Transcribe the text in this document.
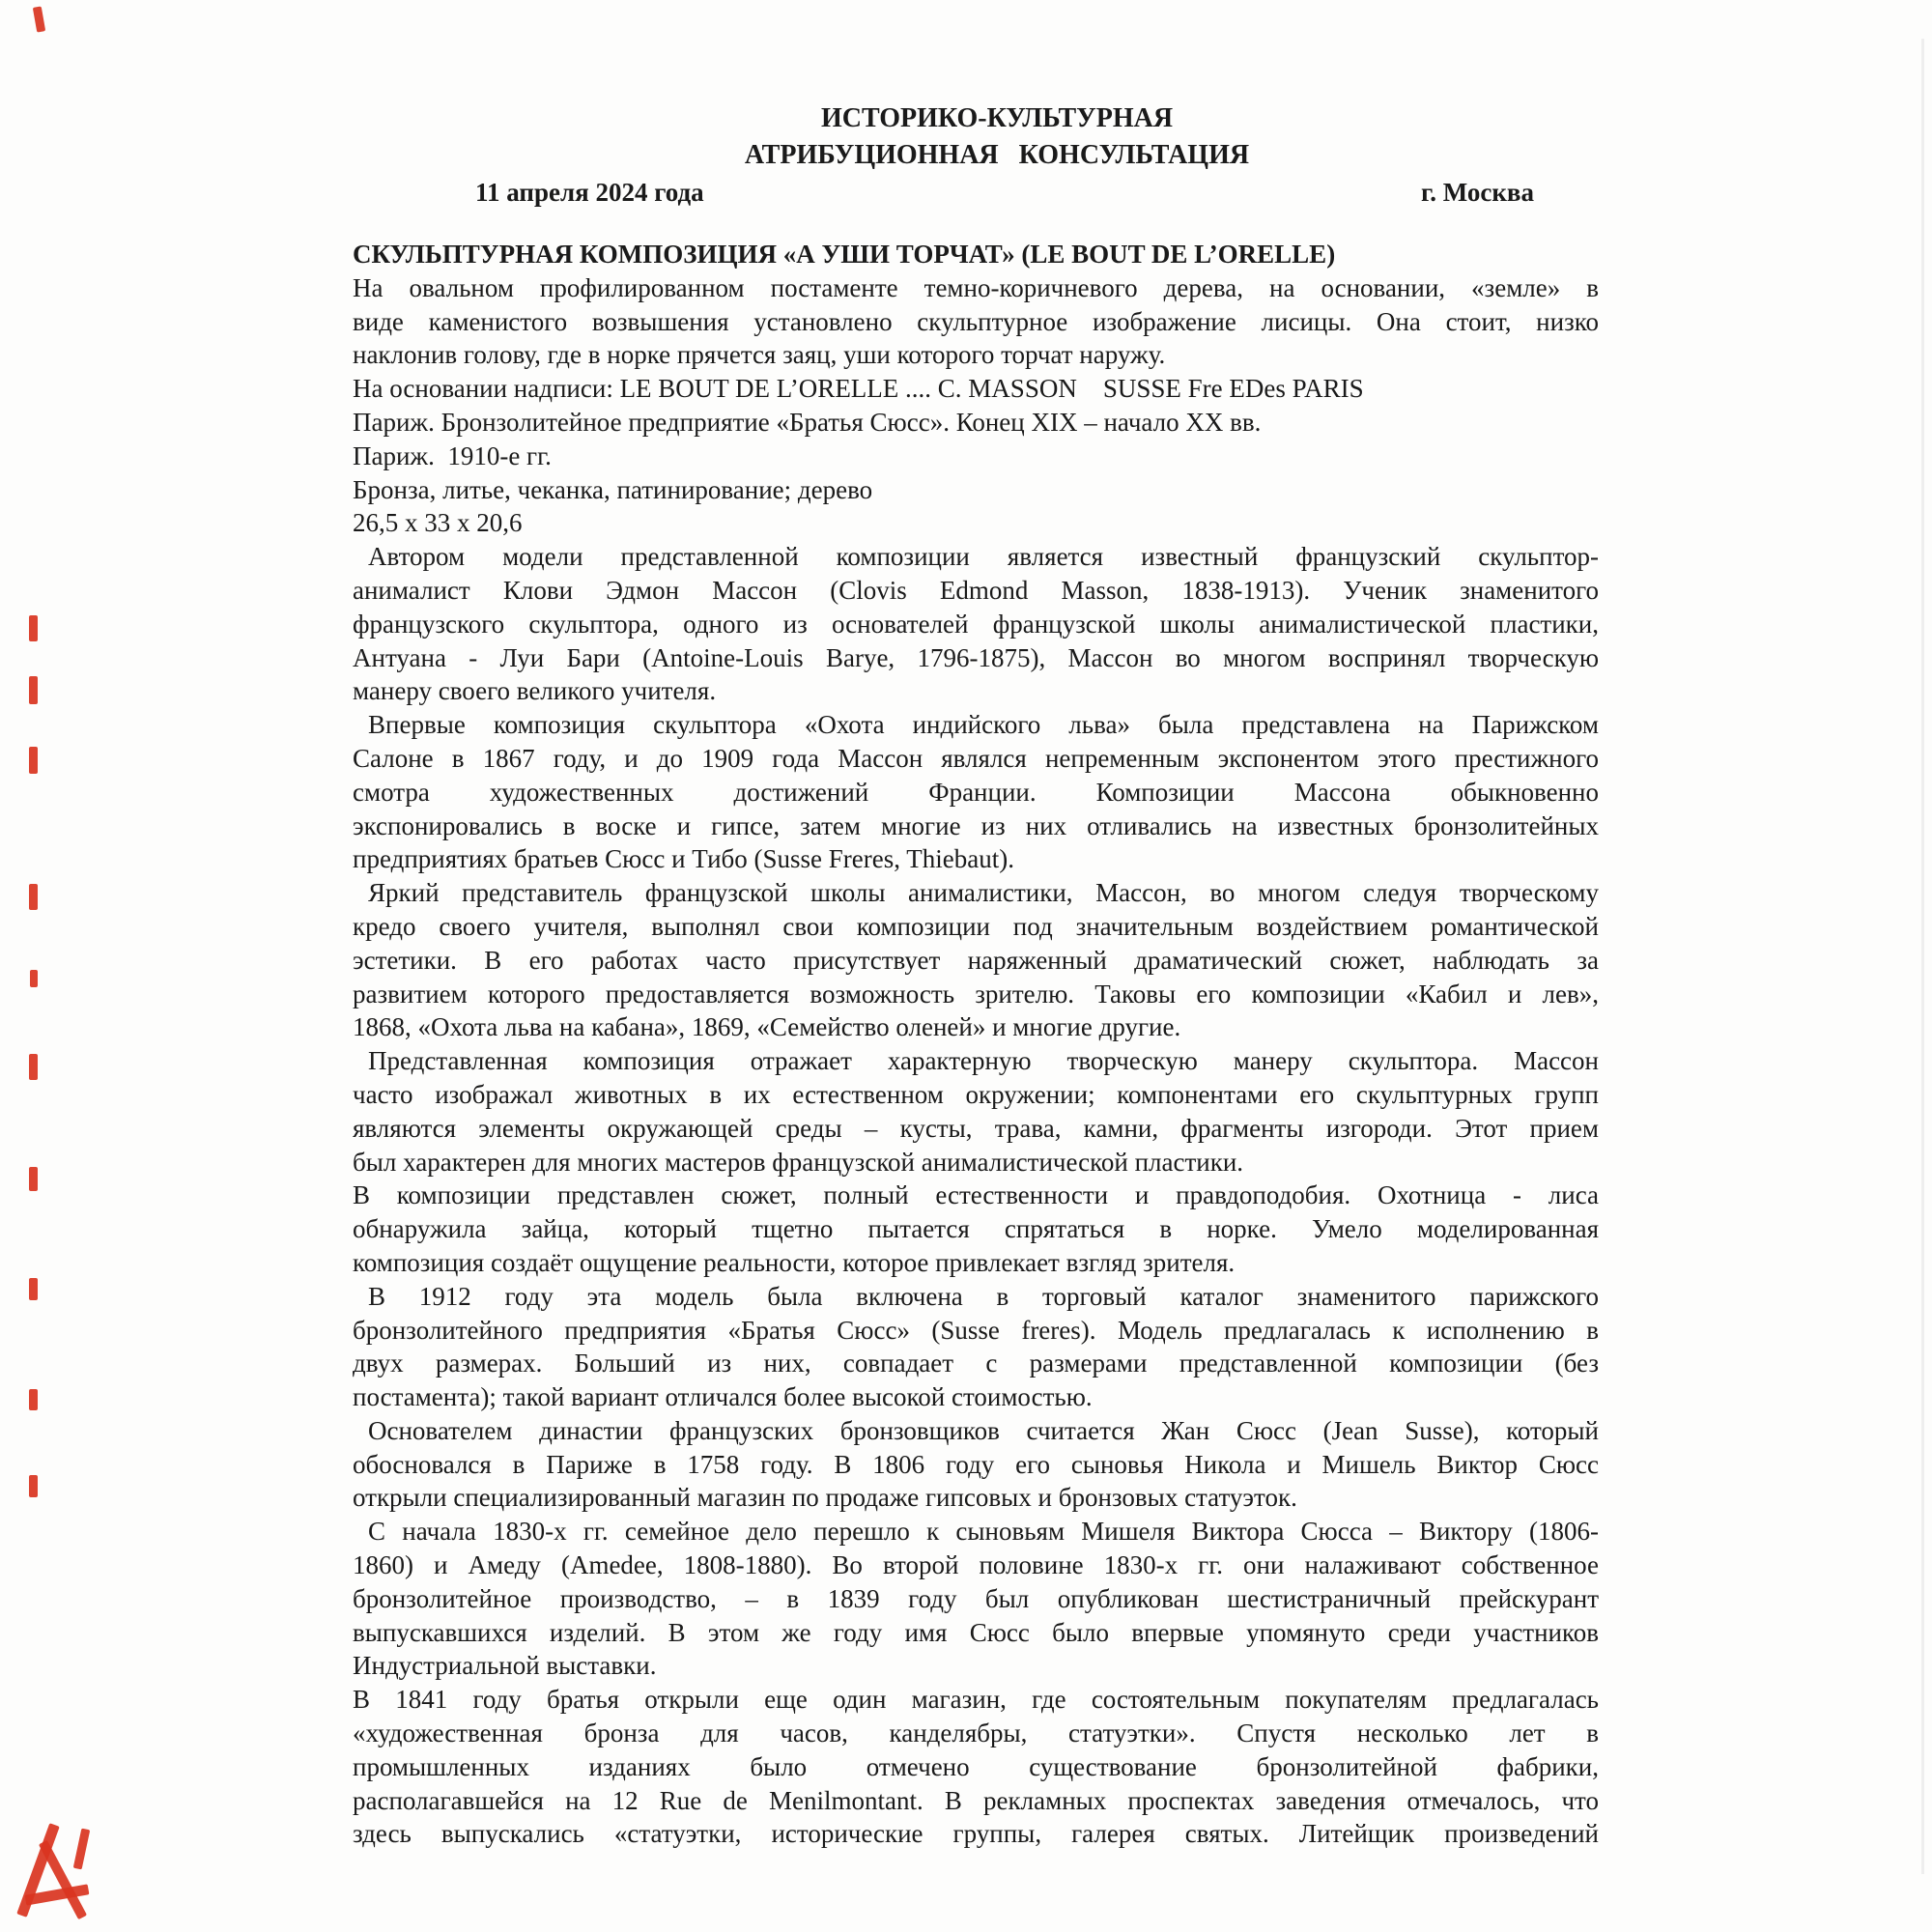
ИСТОРИКО-КУЛЬТУРНАЯ
АТРИБУЦИОННАЯ   КОНСУЛЬТАЦИЯ
11 апреля 2024 года	г. Москва
СКУЛЬПТУРНАЯ КОМПОЗИЦИЯ «А УШИ ТОРЧАТ» (LE BOUT DE L’ORELLE)
На овальном профилированном постаменте темно-коричневого дерева, на основании, «земле» в
виде каменистого возвышения установлено скульптурное изображение лисицы. Она стоит, низко
наклонив голову, где в норке прячется заяц, уши которого торчат наружу.
На основании надписи: LE BOUT DE L’ORELLE .... C. MASSON    SUSSE Fre EDes PARIS
Париж. Бронзолитейное предприятие «Братья Сюсс». Конец XIX – начало XX вв.
Париж.  1910-е гг.
Бронза, литье, чеканка, патинирование; дерево
26,5 х 33 х 20,6
Автором модели представленной композиции является известный французский скульптор-
анималист Клови Эдмон Массон (Clovis Edmond Masson, 1838-1913). Ученик знаменитого
французского скульптора, одного из основателей французской школы анималистической пластики,
Антуана - Луи Бари (Antoine-Louis Barye, 1796-1875), Массон во многом воспринял творческую
манеру своего великого учителя.
Впервые композиция скульптора «Охота индийского льва» была представлена на Парижском
Салоне в 1867 году, и до 1909 года Массон являлся непременным экспонентом этого престижного
смотра художественных достижений Франции. Композиции Массона обыкновенно
экспонировались в воске и гипсе, затем многие из них отливались на известных бронзолитейных
предприятиях братьев Сюсс и Тибо (Susse Freres, Thiebaut).
Яркий представитель французской школы анималистики, Массон, во многом следуя творческому
кредо своего учителя, выполнял свои композиции под значительным воздействием романтической
эстетики. В его работах часто присутствует наряженный драматический сюжет, наблюдать за
развитием которого предоставляется возможность зрителю. Таковы его композиции «Кабил и лев»,
1868, «Охота льва на кабана», 1869, «Семейство оленей» и многие другие.
Представленная композиция отражает характерную творческую манеру скульптора. Массон
часто изображал животных в их естественном окружении; компонентами его скульптурных групп
являются элементы окружающей среды – кусты, трава, камни, фрагменты изгороди. Этот прием
был характерен для многих мастеров французской анималистической пластики.
В композиции представлен сюжет, полный естественности и правдоподобия. Охотница - лиса
обнаружила зайца, который тщетно пытается спрятаться в норке. Умело моделированная
композиция создаёт ощущение реальности, которое привлекает взгляд зрителя.
В 1912 году эта модель была включена в торговый каталог знаменитого парижского
бронзолитейного предприятия «Братья Сюсс» (Susse freres). Модель предлагалась к исполнению в
двух размерах. Больший из них, совпадает с размерами представленной композиции (без
постамента); такой вариант отличался более высокой стоимостью.
Основателем династии французских бронзовщиков считается Жан Сюсс (Jean Susse), который
обосновался в Париже в 1758 году. В 1806 году его сыновья Никола и Мишель Виктор Сюсс
открыли специализированный магазин по продаже гипсовых и бронзовых статуэток.
С начала 1830-х гг. семейное дело перешло к сыновьям Мишеля Виктора Сюсса – Виктору (1806-
1860) и Амеду (Amedee, 1808-1880). Во второй половине 1830-х гг. они налаживают собственное
бронзолитейное производство, – в 1839 году был опубликован шестистраничный прейскурант
выпускавшихся изделий. В этом же году имя Сюсс было впервые упомянуто среди участников
Индустриальной выставки.
В 1841 году братья открыли еще один магазин, где состоятельным покупателям предлагалась
«художественная бронза для часов, канделябры, статуэтки». Спустя несколько лет в
промышленных изданиях было отмечено существование бронзолитейной фабрики,
располагавшейся на 12 Rue de Menilmontant. В рекламных проспектах заведения отмечалось, что
здесь выпускались «статуэтки, исторические группы, галерея святых. Литейщик произведений
